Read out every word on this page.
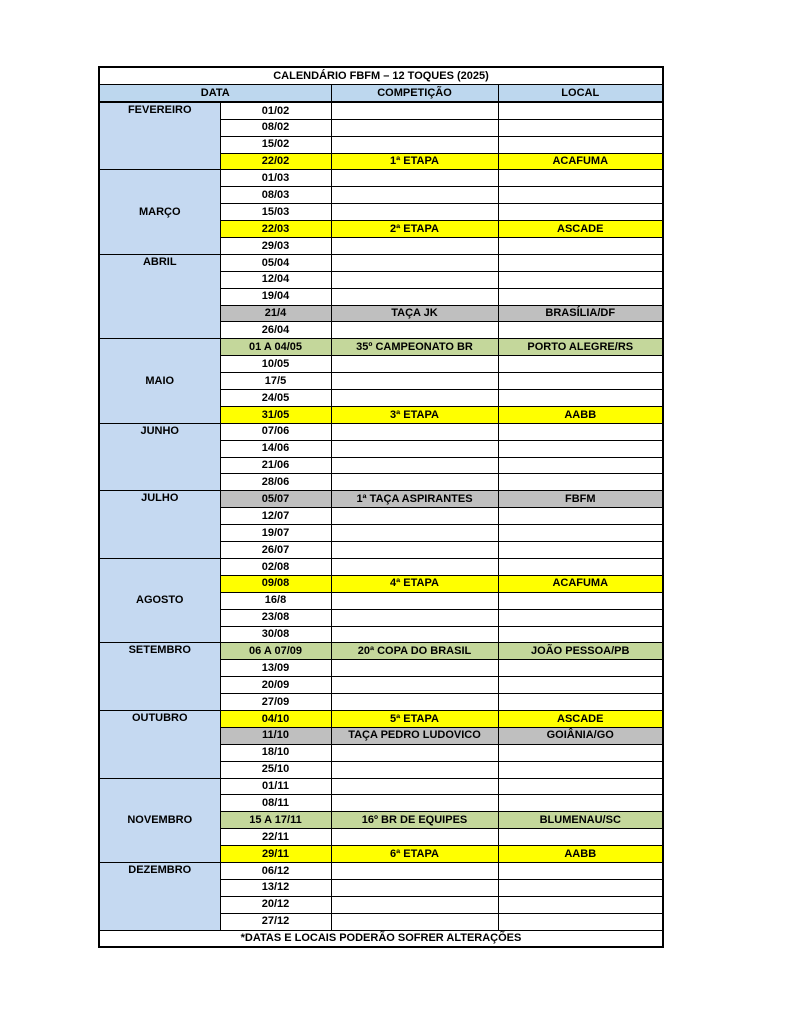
CALENDÁRIO FBFM – 12 TOQUES (2025)			
DATA		COMPETIÇÃO	LOCAL
FEVEREIRO	01/02		
	08/02		
	15/02		
	22/02	1ª ETAPA	ACAFUMA
MARÇO	01/03		
	08/03		
	15/03		
	22/03	2ª ETAPA	ASCADE
	29/03		
ABRIL	05/04		
	12/04		
	19/04		
	21/4	TAÇA JK	BRASÍLIA/DF
	26/04		
MAIO	01 A 04/05	35º CAMPEONATO BR	PORTO ALEGRE/RS
	10/05		
	17/5		
	24/05		
	31/05	3ª ETAPA	AABB
JUNHO	07/06		
	14/06		
	21/06		
	28/06		
JULHO	05/07	1ª TAÇA ASPIRANTES	FBFM
	12/07		
	19/07		
	26/07		
AGOSTO	02/08		
	09/08	4ª ETAPA	ACAFUMA
	16/8		
	23/08		
	30/08		
SETEMBRO	06 A 07/09	20ª COPA DO BRASIL	JOÃO PESSOA/PB
	13/09		
	20/09		
	27/09		
OUTUBRO	04/10	5ª ETAPA	ASCADE
	11/10	TAÇA PEDRO LUDOVICO	GOIÂNIA/GO
	18/10		
	25/10		
NOVEMBRO	01/11		
	08/11		
	15 A 17/11	16º BR DE EQUIPES	BLUMENAU/SC
	22/11		
	29/11	6ª ETAPA	AABB
DEZEMBRO	06/12		
	13/12		
	20/12		
	27/12		
*DATAS E LOCAIS PODERÃO SOFRER ALTERAÇÕES			
